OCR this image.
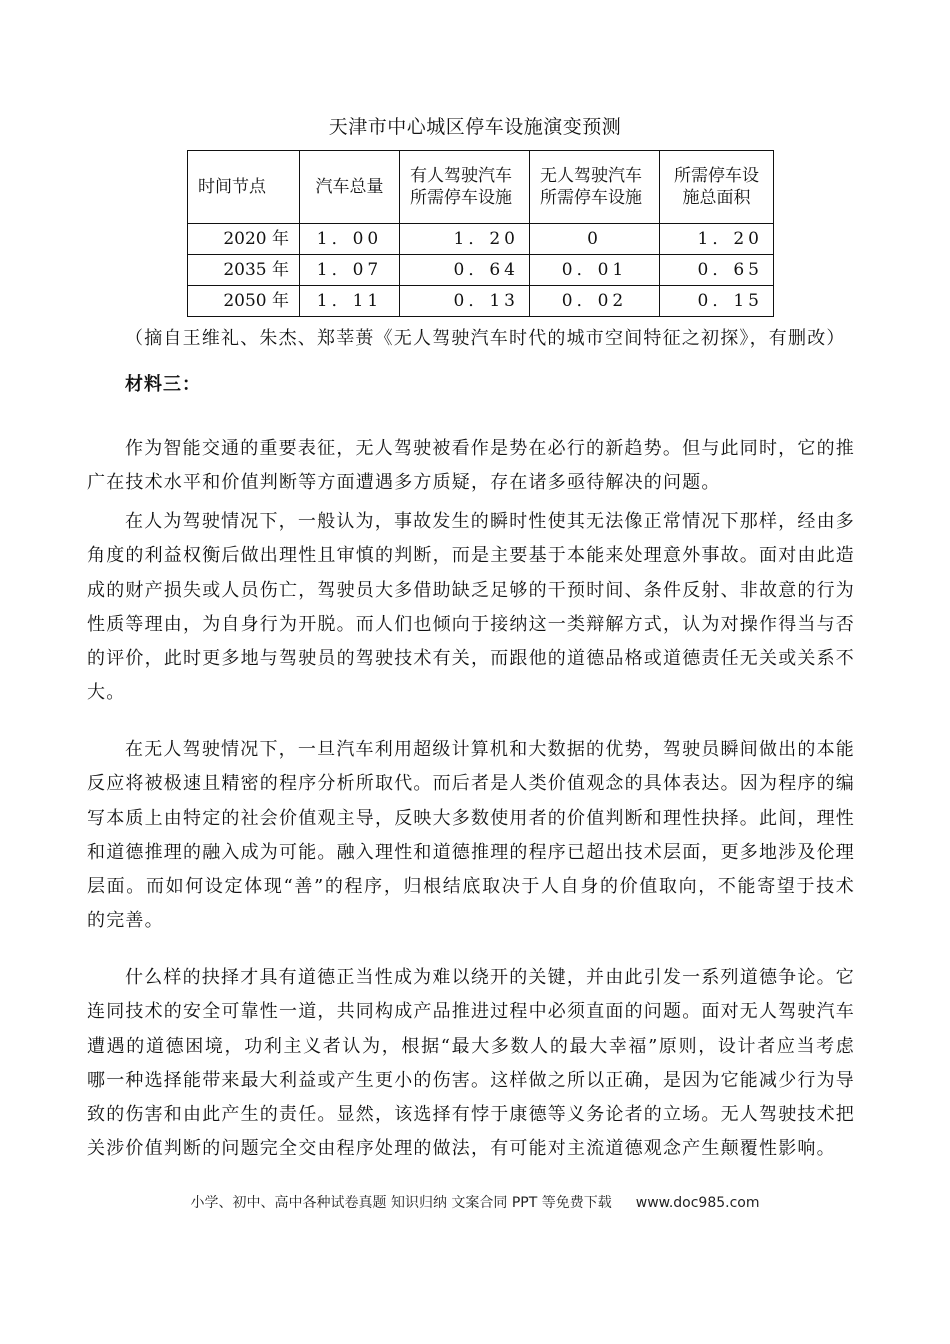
天津市中心城区停车设施演变预测
时间节点	汽车总量	有人驾驶汽车所需停车设施	无人驾驶汽车所需停车设施	所需停车设施总面积
2020 年	1．00	1．20	0	1．20
2035 年	1．07	0．64	0．01	0．65
2050 年	1．11	0．13	0．02	0．15

（摘自王维礼、朱杰、郑莘蒉《无人驾驶汽车时代的城市空间特征之初探》，有删改）

材料三：

作为智能交通的重要表征，无人驾驶被看作是势在必行的新趋势。但与此同时，它的推广在技术水平和价值判断等方面遭遇多方质疑，存在诸多亟待解决的问题。

在人为驾驶情况下，一般认为，事故发生的瞬时性使其无法像正常情况下那样，经由多角度的利益权衡后做出理性且审慎的判断，而是主要基于本能来处理意外事故。面对由此造成的财产损失或人员伤亡，驾驶员大多借助缺乏足够的干预时间、条件反射、非故意的行为性质等理由，为自身行为开脱。而人们也倾向于接纳这一类辩解方式，认为对操作得当与否的评价，此时更多地与驾驶员的驾驶技术有关，而跟他的道德品格或道德责任无关或关系不大。

在无人驾驶情况下，一旦汽车利用超级计算机和大数据的优势，驾驶员瞬间做出的本能反应将被极速且精密的程序分析所取代。而后者是人类价值观念的具体表达。因为程序的编写本质上由特定的社会价值观主导，反映大多数使用者的价值判断和理性抉择。此间，理性和道德推理的融入成为可能。融入理性和道德推理的程序已超出技术层面，更多地涉及伦理层面。而如何设定体现“善”的程序，归根结底取决于人自身的价值取向，不能寄望于技术的完善。

什么样的抉择才具有道德正当性成为难以绕开的关键，并由此引发一系列道德争论。它连同技术的安全可靠性一道，共同构成产品推进过程中必须直面的问题。面对无人驾驶汽车遭遇的道德困境，功利主义者认为，根据“最大多数人的最大幸福”原则，设计者应当考虑哪一种选择能带来最大利益或产生更小的伤害。这样做之所以正确，是因为它能减少行为导致的伤害和由此产生的责任。显然，该选择有悖于康德等义务论者的立场。无人驾驶技术把关涉价值判断的问题完全交由程序处理的做法，有可能对主流道德观念产生颠覆性影响。

小学、初中、高中各种试卷真题 知识归纳 文案合同 PPT 等免费下载 www.doc985.com
